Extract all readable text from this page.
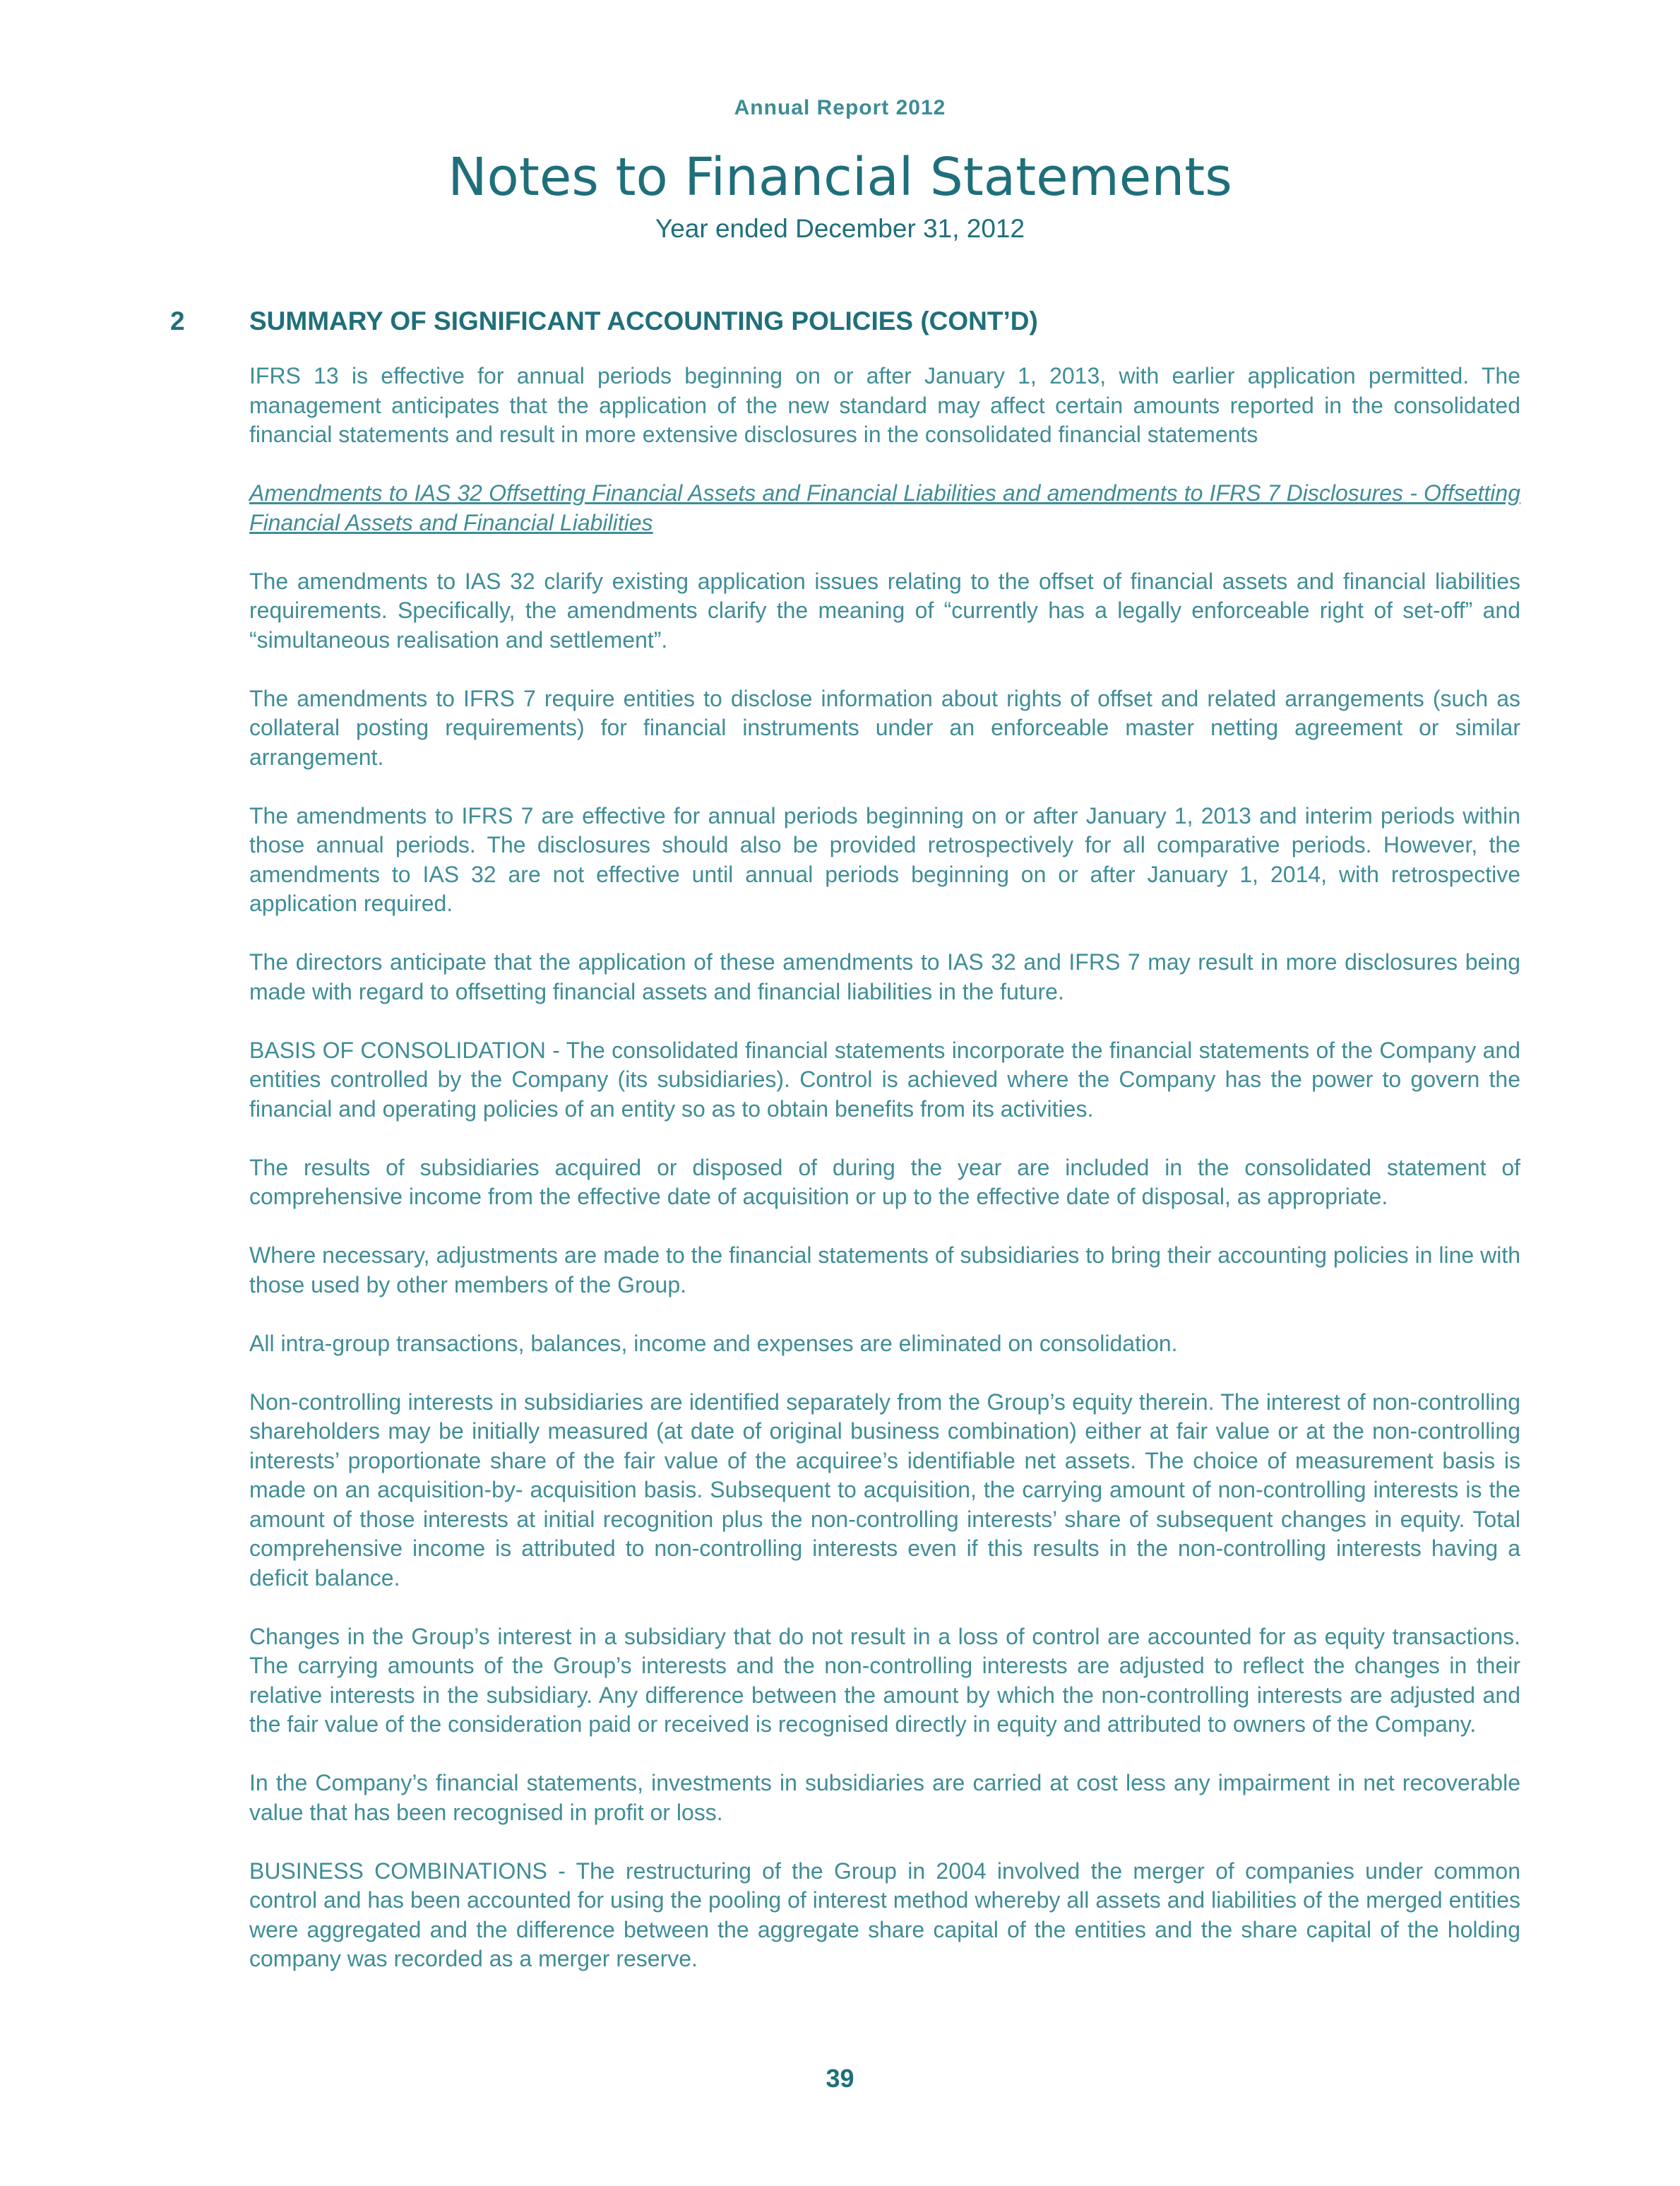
Annual Report 2012
Notes to Financial Statements
Year ended December 31, 2012
2 SUMMARY OF SIGNIFICANT ACCOUNTING POLICIES (CONT’D)

IFRS 13 is effective for annual periods beginning on or after January 1, 2013, with earlier application permitted. The management anticipates that the application of the new standard may affect certain amounts reported in the consolidated financial statements and result in more extensive disclosures in the consolidated financial statements

Amendments to IAS 32 Offsetting Financial Assets and Financial Liabilities and amendments to IFRS 7 Disclosures - Offsetting Financial Assets and Financial Liabilities

The amendments to IAS 32 clarify existing application issues relating to the offset of financial assets and financial liabilities requirements. Specifically, the amendments clarify the meaning of “currently has a legally enforceable right of set-off” and “simultaneous realisation and settlement”.

The amendments to IFRS 7 require entities to disclose information about rights of offset and related arrangements (such as collateral posting requirements) for financial instruments under an enforceable master netting agreement or similar arrangement.

The amendments to IFRS 7 are effective for annual periods beginning on or after January 1, 2013 and interim periods within those annual periods. The disclosures should also be provided retrospectively for all comparative periods. However, the amendments to IAS 32 are not effective until annual periods beginning on or after January 1, 2014, with retrospective application required.

The directors anticipate that the application of these amendments to IAS 32 and IFRS 7 may result in more disclosures being made with regard to offsetting financial assets and financial liabilities in the future.

BASIS OF CONSOLIDATION - The consolidated financial statements incorporate the financial statements of the Company and entities controlled by the Company (its subsidiaries). Control is achieved where the Company has the power to govern the financial and operating policies of an entity so as to obtain benefits from its activities.

The results of subsidiaries acquired or disposed of during the year are included in the consolidated statement of comprehensive income from the effective date of acquisition or up to the effective date of disposal, as appropriate.

Where necessary, adjustments are made to the financial statements of subsidiaries to bring their accounting policies in line with those used by other members of the Group.

All intra-group transactions, balances, income and expenses are eliminated on consolidation.

Non-controlling interests in subsidiaries are identified separately from the Group’s equity therein. The interest of non-controlling shareholders may be initially measured (at date of original business combination) either at fair value or at the non-controlling interests’ proportionate share of the fair value of the acquiree’s identifiable net assets. The choice of measurement basis is made on an acquisition-by- acquisition basis. Subsequent to acquisition, the carrying amount of non-controlling interests is the amount of those interests at initial recognition plus the non-controlling interests’ share of subsequent changes in equity. Total comprehensive income is attributed to non-controlling interests even if this results in the non-controlling interests having a deficit balance.

Changes in the Group’s interest in a subsidiary that do not result in a loss of control are accounted for as equity transactions. The carrying amounts of the Group’s interests and the non-controlling interests are adjusted to reflect the changes in their relative interests in the subsidiary. Any difference between the amount by which the non-controlling interests are adjusted and the fair value of the consideration paid or received is recognised directly in equity and attributed to owners of the Company.

In the Company’s financial statements, investments in subsidiaries are carried at cost less any impairment in net recoverable value that has been recognised in profit or loss.

BUSINESS COMBINATIONS - The restructuring of the Group in 2004 involved the merger of companies under common control and has been accounted for using the pooling of interest method whereby all assets and liabilities of the merged entities were aggregated and the difference between the aggregate share capital of the entities and the share capital of the holding company was recorded as a merger reserve.

39
